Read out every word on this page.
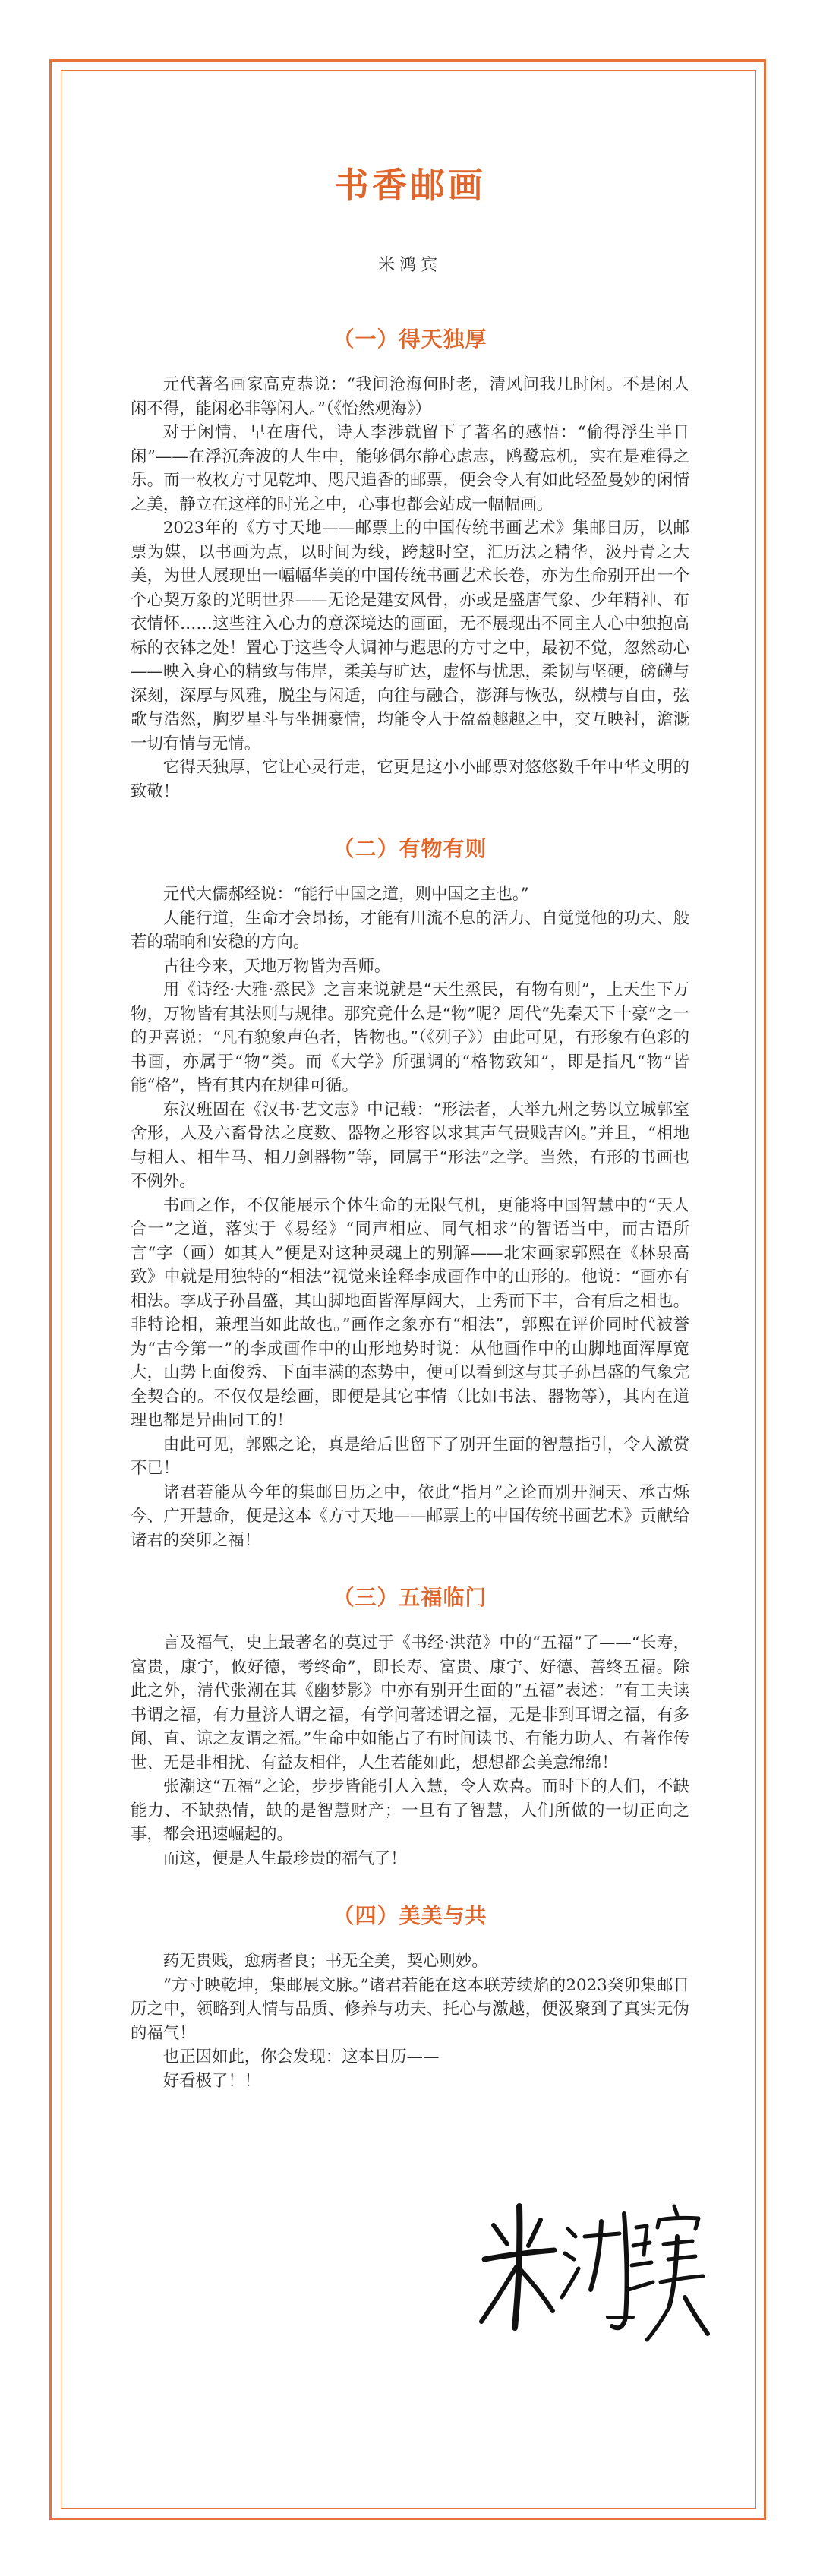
书香邮画
米鸿宾
（一）得天独厚

元代著名画家高克恭说：“我问沧海何时老，清风问我几时闲。不是闲人闲不得，能闲必非等闲人。”（《怡然观海》）

对于闲情，早在唐代，诗人李涉就留下了著名的感悟：“偷得浮生半日闲”——在浮沉奔波的人生中，能够偶尔静心虑志，鸥鹭忘机，实在是难得之乐。而一枚枚方寸见乾坤、咫尺追香的邮票，便会令人有如此轻盈曼妙的闲情之美，静立在这样的时光之中，心事也都会站成一幅幅画。

2023年的《方寸天地——邮票上的中国传统书画艺术》集邮日历，以邮票为媒，以书画为点，以时间为线，跨越时空，汇历法之精华，汲丹青之大美，为世人展现出一幅幅华美的中国传统书画艺术长卷，亦为生命别开出一个个心契万象的光明世界——无论是建安风骨，亦或是盛唐气象、少年精神、布衣情怀……这些注入心力的意深境达的画面，无不展现出不同主人心中独抱高标的衣钵之处！置心于这些令人调神与遐思的方寸之中，最初不觉，忽然动心——映入身心的精致与伟岸，柔美与旷达，虚怀与忧思，柔韧与坚硬，磅礴与深刻，深厚与风雅，脱尘与闲适，向往与融合，澎湃与恢弘，纵横与自由，弦歌与浩然，胸罗星斗与坐拥豪情，均能令人于盈盈趣趣之中，交互映衬，澹溉一切有情与无情。

它得天独厚，它让心灵行走，它更是这小小邮票对悠悠数千年中华文明的致敬！

（二）有物有则

元代大儒郝经说：“能行中国之道，则中国之主也。”

人能行道，生命才会昂扬，才能有川流不息的活力、自觉觉他的功夫、般若的瑞晌和安稳的方向。

古往今来，天地万物皆为吾师。

用《诗经·大雅·烝民》之言来说就是“天生烝民，有物有则”，上天生下万物，万物皆有其法则与规律。那究竟什么是“物”呢？周代“先秦天下十豪”之一的尹喜说：“凡有貌象声色者，皆物也。”（《列子》）由此可见，有形象有色彩的书画，亦属于“物”类。而《大学》所强调的“格物致知”，即是指凡“物”皆能“格”，皆有其内在规律可循。

东汉班固在《汉书·艺文志》中记载：“形法者，大举九州之势以立城郭室舍形，人及六畜骨法之度数、器物之形容以求其声气贵贱吉凶。”并且，“相地与相人、相牛马、相刀剑器物”等，同属于“形法”之学。当然，有形的书画也不例外。

书画之作，不仅能展示个体生命的无限气机，更能将中国智慧中的“天人合一”之道，落实于《易经》“同声相应、同气相求”的智语当中，而古语所言“字（画）如其人”便是对这种灵魂上的别解——北宋画家郭熙在《林泉高致》中就是用独特的“相法”视觉来诠释李成画作中的山形的。他说：“画亦有相法。李成子孙昌盛，其山脚地面皆浑厚阔大，上秀而下丰，合有后之相也。非特论相，兼理当如此故也。”画作之象亦有“相法”，郭熙在评价同时代被誉为“古今第一”的李成画作中的山形地势时说：从他画作中的山脚地面浑厚宽大，山势上面俊秀、下面丰满的态势中，便可以看到这与其子孙昌盛的气象完全契合的。不仅仅是绘画，即便是其它事情（比如书法、器物等），其内在道理也都是异曲同工的！

由此可见，郭熙之论，真是给后世留下了别开生面的智慧指引，令人激赏不已！

诸君若能从今年的集邮日历之中，依此“指月”之论而别开洞天、承古烁今、广开慧命，便是这本《方寸天地——邮票上的中国传统书画艺术》贡献给诸君的癸卯之福！

（三）五福临门

言及福气，史上最著名的莫过于《书经·洪范》中的“五福”了——“长寿，富贵，康宁，攸好德，考终命”，即长寿、富贵、康宁、好德、善终五福。除此之外，清代张潮在其《幽梦影》中亦有别开生面的“五福”表述：“有工夫读书谓之福，有力量济人谓之福，有学问著述谓之福，无是非到耳谓之福，有多闻、直、谅之友谓之福。”生命中如能占了有时间读书、有能力助人、有著作传世、无是非相扰、有益友相伴，人生若能如此，想想都会美意绵绵！

张潮这“五福”之论，步步皆能引人入慧，令人欢喜。而时下的人们，不缺能力、不缺热情，缺的是智慧财产；一旦有了智慧，人们所做的一切正向之事，都会迅速崛起的。

而这，便是人生最珍贵的福气了！

（四）美美与共

药无贵贱，愈病者良；书无全美，契心则妙。

“方寸映乾坤，集邮展文脉。”诸君若能在这本联芳续焰的2023癸卯集邮日历之中，领略到人情与品质、修养与功夫、托心与激越，便汲聚到了真实无伪的福气！

也正因如此，你会发现：这本日历——

好看极了！！
